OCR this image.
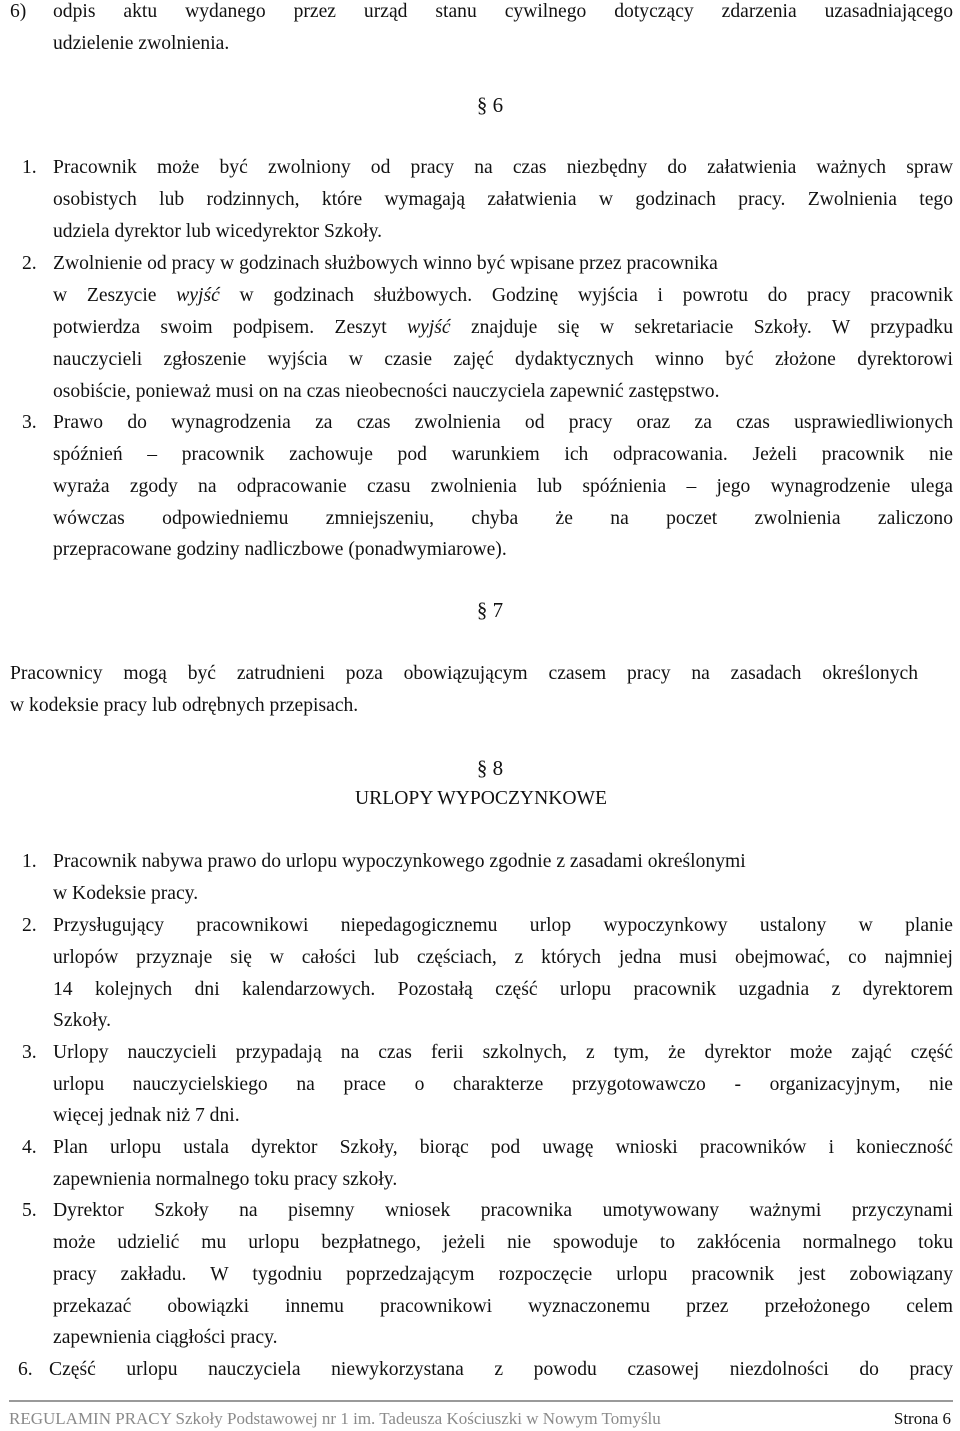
6) odpis aktu wydanego przez urząd stanu cywilnego dotyczący zdarzenia uzasadniającego
udzielenie zwolnienia.
§ 6
1. Pracownik może być zwolniony od pracy na czas niezbędny do załatwienia ważnych spraw
osobistych lub rodzinnych, które wymagają załatwienia w godzinach pracy. Zwolnienia tego
udziela dyrektor lub wicedyrektor Szkoły.
2. Zwolnienie od pracy w godzinach służbowych winno być wpisane przez pracownika
w Zeszycie wyjść w godzinach służbowych. Godzinę wyjścia i powrotu do pracy pracownik
potwierdza swoim podpisem. Zeszyt wyjść znajduje się w sekretariacie Szkoły. W przypadku
nauczycieli zgłoszenie wyjścia w czasie zajęć dydaktycznych winno być złożone dyrektorowi
osobiście, ponieważ musi on na czas nieobecności nauczyciela zapewnić zastępstwo.
3. Prawo do wynagrodzenia za czas zwolnienia od pracy oraz za czas usprawiedliwionych
spóźnień – pracownik zachowuje pod warunkiem ich odpracowania. Jeżeli pracownik nie
wyraża zgody na odpracowanie czasu zwolnienia lub spóźnienia – jego wynagrodzenie ulega
wówczas odpowiedniemu zmniejszeniu, chyba że na poczet zwolnienia zaliczono
przepracowane godziny nadliczbowe (ponadwymiarowe).
§ 7
Pracownicy mogą być zatrudnieni poza obowiązującym czasem pracy na zasadach określonych
w kodeksie pracy lub odrębnych przepisach.
§ 8
URLOPY WYPOCZYNKOWE
1. Pracownik nabywa prawo do urlopu wypoczynkowego zgodnie z zasadami określonymi
w Kodeksie pracy.
2. Przysługujący pracownikowi niepedagogicznemu urlop wypoczynkowy ustalony w planie
urlopów przyznaje się w całości lub częściach, z których jedna musi obejmować, co najmniej
14 kolejnych dni kalendarzowych. Pozostałą część urlopu pracownik uzgadnia z dyrektorem
Szkoły.
3. Urlopy nauczycieli przypadają na czas ferii szkolnych, z tym, że dyrektor może zająć część
urlopu nauczycielskiego na prace o charakterze przygotowawczo - organizacyjnym, nie
więcej jednak niż 7 dni.
4. Plan urlopu ustala dyrektor Szkoły, biorąc pod uwagę wnioski pracowników i konieczność
zapewnienia normalnego toku pracy szkoły.
5. Dyrektor Szkoły na pisemny wniosek pracownika umotywowany ważnymi przyczynami
może udzielić mu urlopu bezpłatnego, jeżeli nie spowoduje to zakłócenia normalnego toku
pracy zakładu. W tygodniu poprzedzającym rozpoczęcie urlopu pracownik jest zobowiązany
przekazać obowiązki innemu pracownikowi wyznaczonemu przez przełożonego celem
zapewnienia ciągłości pracy.
6. Część urlopu nauczyciela niewykorzystana z powodu czasowej niezdolności do pracy
REGULAMIN PRACY Szkoły Podstawowej nr 1 im. Tadeusza Kościuszki w Nowym Tomyślu	Strona 6
